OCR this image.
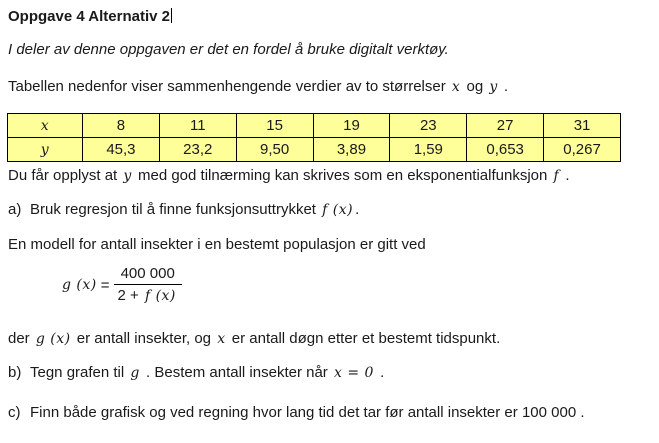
Oppgave 4 Alternativ 2
I deler av denne oppgaven er det en fordel å bruke digitalt verktøy.
Tabellen nedenfor viser sammenhengende verdier av to størrelser x og y .
x	8	11	15	19	23	27	31
y	45,3	23,2	9,50	3,89	1,59	0,653	0,267
Du får opplyst at y med god tilnærming kan skrives som en eksponentialfunksjon f .
a) Bruk regresjon til å finne funksjonsuttrykket f (x) .
En modell for antall insekter i en bestemt populasjon er gitt ved
g $(x) = \frac{400 000}{2 + f (x)}$
der g (x) er antall insekter, og x er antall døgn etter et bestemt tidspunkt.
b) Tegn grafen til g . Bestem antall insekter når x = 0 .
c) Finn både grafisk og ved regning hvor lang tid det tar før antall insekter er 100 000 .
